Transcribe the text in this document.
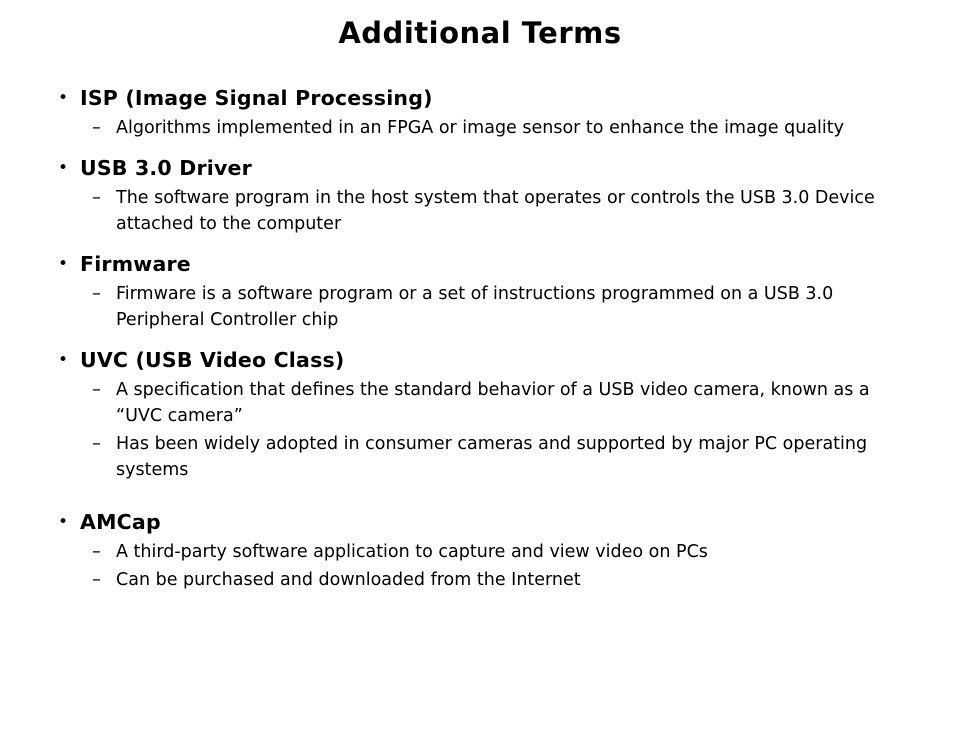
Additional Terms
• ISP (Image Signal Processing)
– Algorithms implemented in an FPGA or image sensor to enhance the image quality
• USB 3.0 Driver
– The software program in the host system that operates or controls the USB 3.0 Device attached to the computer
• Firmware
– Firmware is a software program or a set of instructions programmed on a USB 3.0 Peripheral Controller chip
• UVC (USB Video Class)
– A specification that defines the standard behavior of a USB video camera, known as a “UVC camera”
– Has been widely adopted in consumer cameras and supported by major PC operating systems
• AMCap
– A third-party software application to capture and view video on PCs
– Can be purchased and downloaded from the Internet
